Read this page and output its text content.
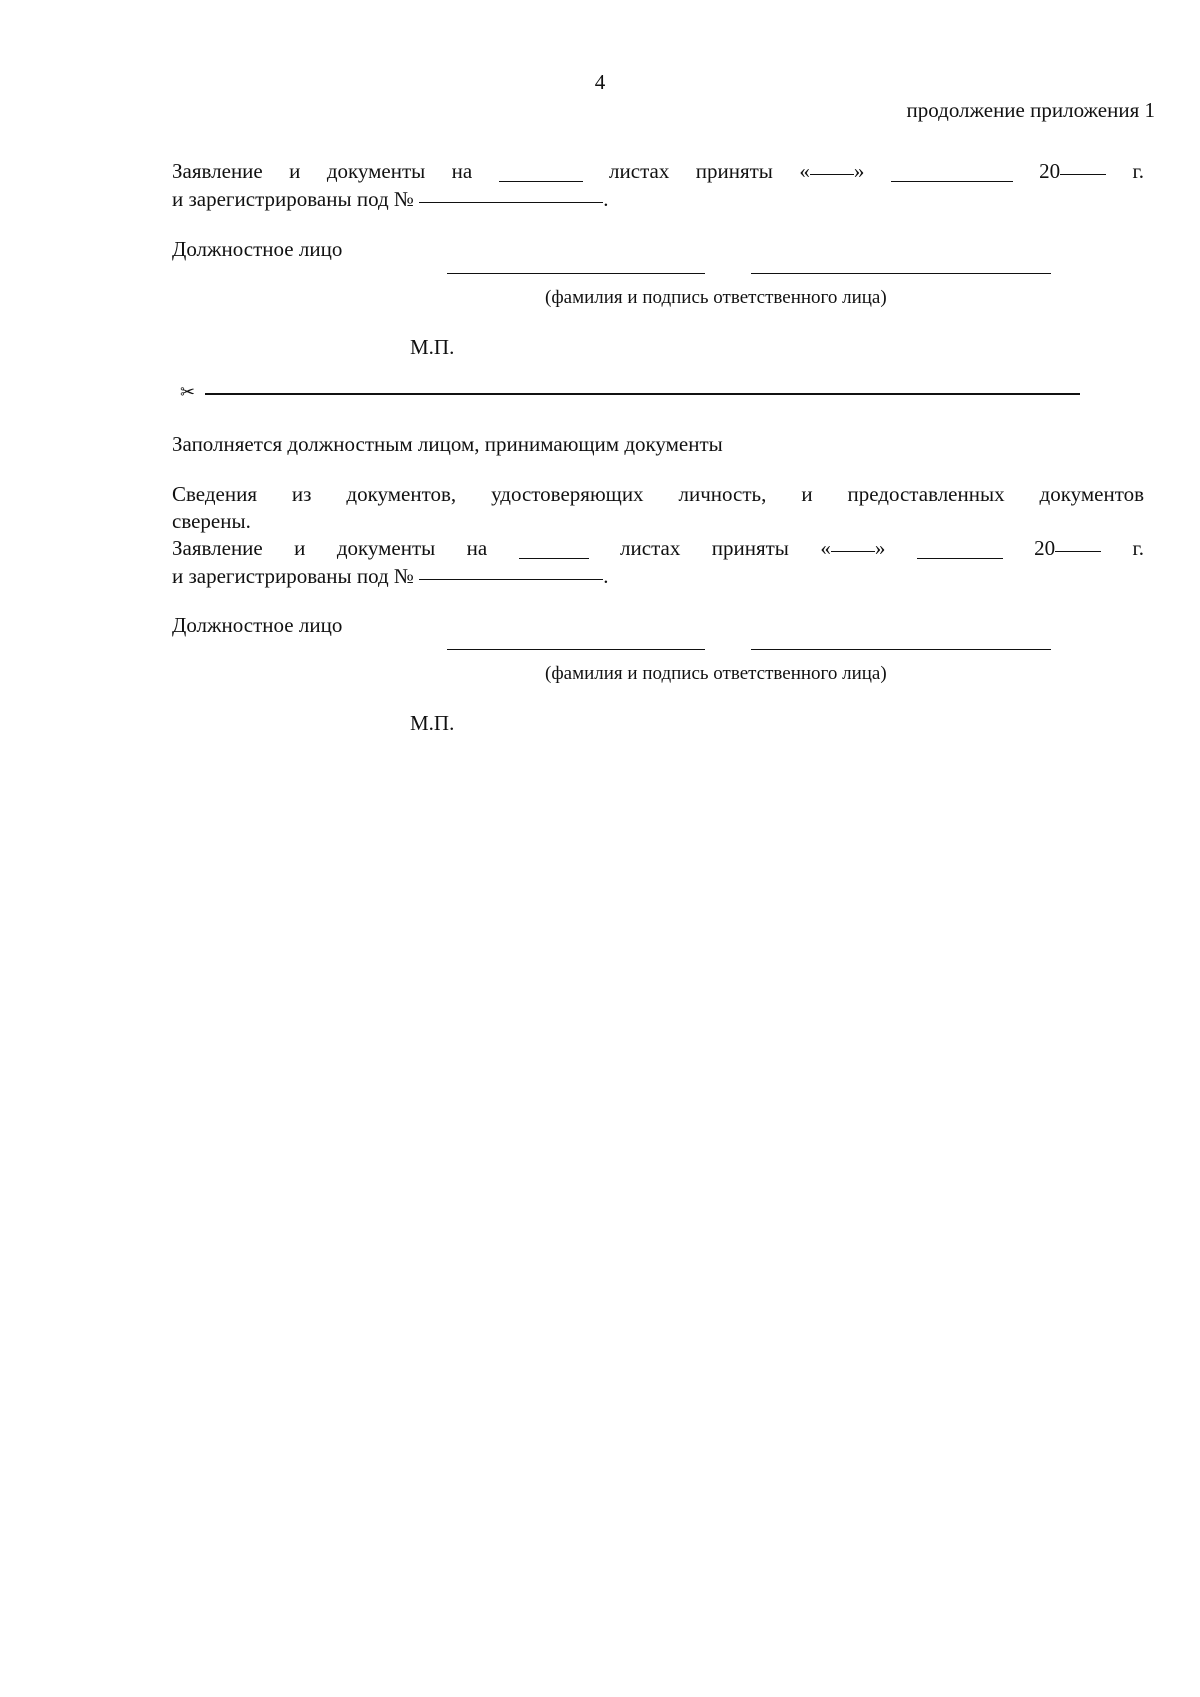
4
продолжение приложения 1
Заявление и документы на	листах приняты « »	20	г.
и зарегистрированы под №	.
Должностное лицо
(фамилия и подпись ответственного лица)
М.П.
✂
Заполняется должностным лицом, принимающим документы
Сведения из документов, удостоверяющих личность, и предоставленных документов
сверены.
Заявление и документы на	листах приняты « »	20	г.
и зарегистрированы под №	.
Должностное лицо
(фамилия и подпись ответственного лица)
М.П.
